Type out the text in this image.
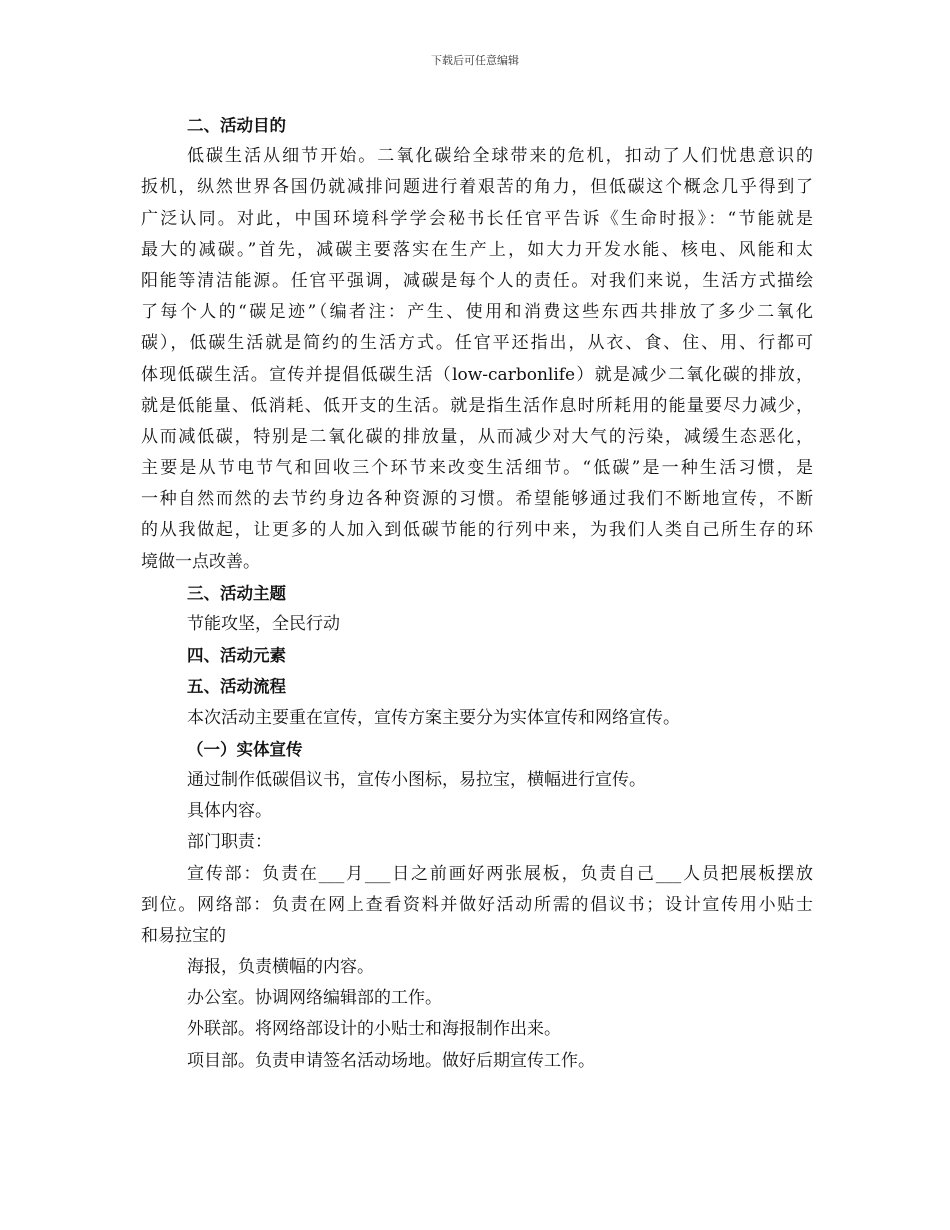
下载后可任意编辑
二、活动目的
低碳生活从细节开始。二氧化碳给全球带来的危机，扣动了人们忧患意识的
扳机，纵然世界各国仍就减排问题进行着艰苦的角力，但低碳这个概念几乎得到了
广泛认同。对此，中国环境科学学会秘书长任官平告诉《生命时报》：“节能就是
最大的减碳。”首先，减碳主要落实在生产上，如大力开发水能、核电、风能和太
阳能等清洁能源。任官平强调，减碳是每个人的责任。对我们来说，生活方式描绘
了每个人的“碳足迹”（编者注：产生、使用和消费这些东西共排放了多少二氧化
碳），低碳生活就是简约的生活方式。任官平还指出，从衣、食、住、用、行都可
体现低碳生活。宣传并提倡低碳生活（low-carbonlife）就是减少二氧化碳的排放，
就是低能量、低消耗、低开支的生活。就是指生活作息时所耗用的能量要尽力减少，
从而减低碳，特别是二氧化碳的排放量，从而减少对大气的污染，减缓生态恶化，
主要是从节电节气和回收三个环节来改变生活细节。“低碳”是一种生活习惯，是
一种自然而然的去节约身边各种资源的习惯。希望能够通过我们不断地宣传，不断
的从我做起，让更多的人加入到低碳节能的行列中来，为我们人类自己所生存的环
境做一点改善。
三、活动主题
节能攻坚，全民行动
四、活动元素
五、活动流程
本次活动主要重在宣传，宣传方案主要分为实体宣传和网络宣传。
（一）实体宣传
通过制作低碳倡议书，宣传小图标，易拉宝，横幅进行宣传。
具体内容。
部门职责：
宣传部：负责在___月___日之前画好两张展板，负责自己___人员把展板摆放
到位。网络部：负责在网上查看资料并做好活动所需的倡议书；设计宣传用小贴士
和易拉宝的
海报，负责横幅的内容。
办公室。协调网络编辑部的工作。
外联部。将网络部设计的小贴士和海报制作出来。
项目部。负责申请签名活动场地。做好后期宣传工作。
